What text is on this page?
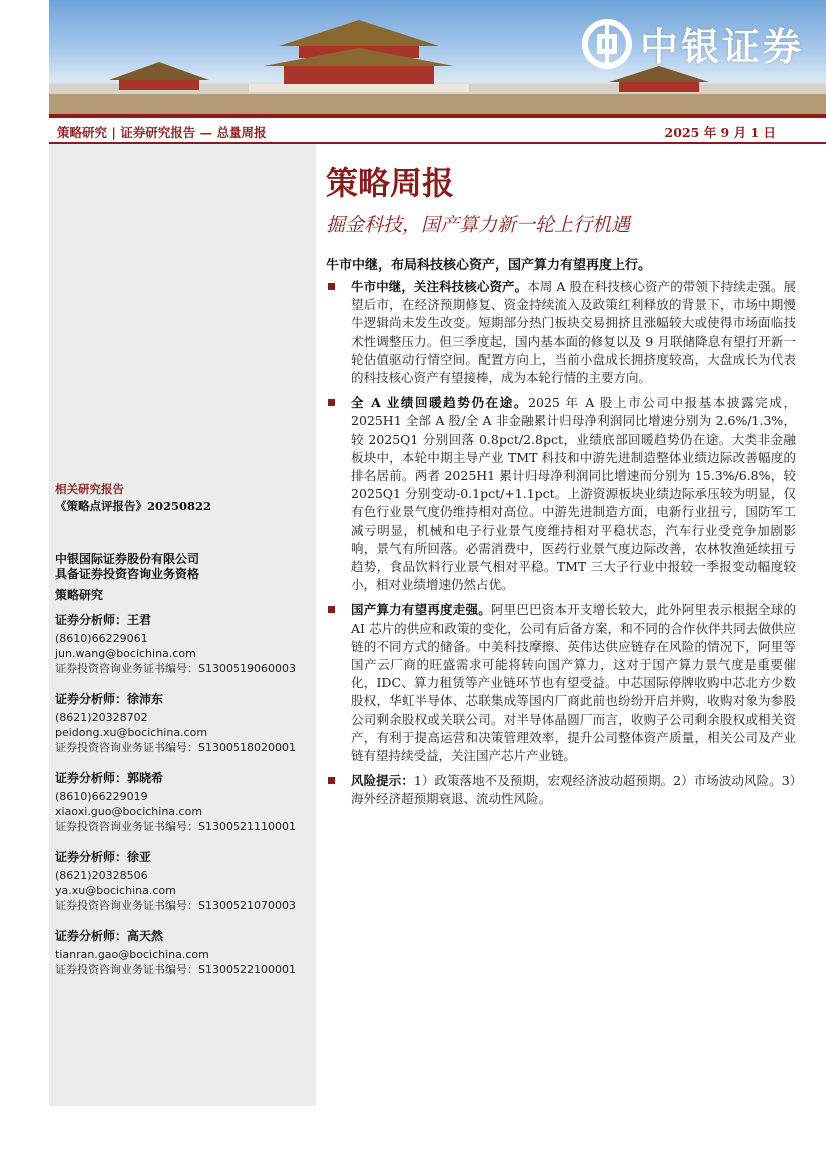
中银证券
策略研究 | 证券研究报告 — 总量周报	2025 年 9 月 1 日
相关研究报告
《策略点评报告》20250822
中银国际证券股份有限公司
具备证券投资咨询业务资格
策略研究
证券分析师：王君
(8610)66229061
jun.wang@bocichina.com
证券投资咨询业务证书编号：S1300519060003
证券分析师：徐沛东
(8621)20328702
peidong.xu@bocichina.com
证券投资咨询业务证书编号：S1300518020001
证券分析师：郭晓希
(8610)66229019
xiaoxi.guo@bocichina.com
证券投资咨询业务证书编号：S1300521110001
证券分析师：徐亚
(8621)20328506
ya.xu@bocichina.com
证券投资咨询业务证书编号：S1300521070003
证券分析师：高天然
tianran.gao@bocichina.com
证券投资咨询业务证书编号：S1300522100001
策略周报
掘金科技，国产算力新一轮上行机遇
牛市中继，布局科技核心资产，国产算力有望再度上行。
牛市中继，关注科技核心资产。本周 A 股在科技核心资产的带领下持续走强。展望后市，在经济预期修复、资金持续流入及政策红利释放的背景下，市场中期慢牛逻辑尚未发生改变。短期部分热门板块交易拥挤且涨幅较大或使得市场面临技术性调整压力。但三季度起，国内基本面的修复以及 9 月联储降息有望打开新一轮估值驱动行情空间。配置方向上，当前小盘成长拥挤度较高，大盘成长为代表的科技核心资产有望接棒，成为本轮行情的主要方向。
全 A 业绩回暖趋势仍在途。2025 年 A 股上市公司中报基本披露完成，2025H1 全部 A 股/全 A 非金融累计归母净利润同比增速分别为 2.6%/1.3%，较 2025Q1 分别回落 0.8pct/2.8pct，业绩底部回暖趋势仍在途。大类非金融板块中，本轮中期主导产业 TMT 科技和中游先进制造整体业绩边际改善幅度的排名居前。两者 2025H1 累计归母净利润同比增速而分别为 15.3%/6.8%，较 2025Q1 分别变动-0.1pct/+1.1pct。上游资源板块业绩边际承压较为明显，仅有色行业景气度仍维持相对高位。中游先进制造方面，电新行业扭亏，国防军工减亏明显，机械和电子行业景气度维持相对平稳状态，汽车行业受竞争加剧影响，景气有所回落。必需消费中，医药行业景气度边际改善，农林牧渔延续扭亏趋势，食品饮料行业景气相对平稳。TMT 三大子行业中报较一季报变动幅度较小，相对业绩增速仍然占优。
国产算力有望再度走强。阿里巴巴资本开支增长较大，此外阿里表示根据全球的 AI 芯片的供应和政策的变化，公司有后备方案，和不同的合作伙伴共同去做供应链的不同方式的储备。中美科技摩擦、英伟达供应链存在风险的情况下，阿里等国产云厂商的旺盛需求可能将转向国产算力，这对于国产算力景气度是重要催化，IDC、算力租赁等产业链环节也有望受益。中芯国际停牌收购中芯北方少数股权，华虹半导体、芯联集成等国内厂商此前也纷纷开启并购，收购对象为参股公司剩余股权或关联公司。对半导体晶圆厂而言，收购子公司剩余股权或相关资产，有利于提高运营和决策管理效率，提升公司整体资产质量，相关公司及产业链有望持续受益，关注国产芯片产业链。
风险提示：1）政策落地不及预期，宏观经济波动超预期。2）市场波动风险。3）海外经济超预期衰退、流动性风险。
